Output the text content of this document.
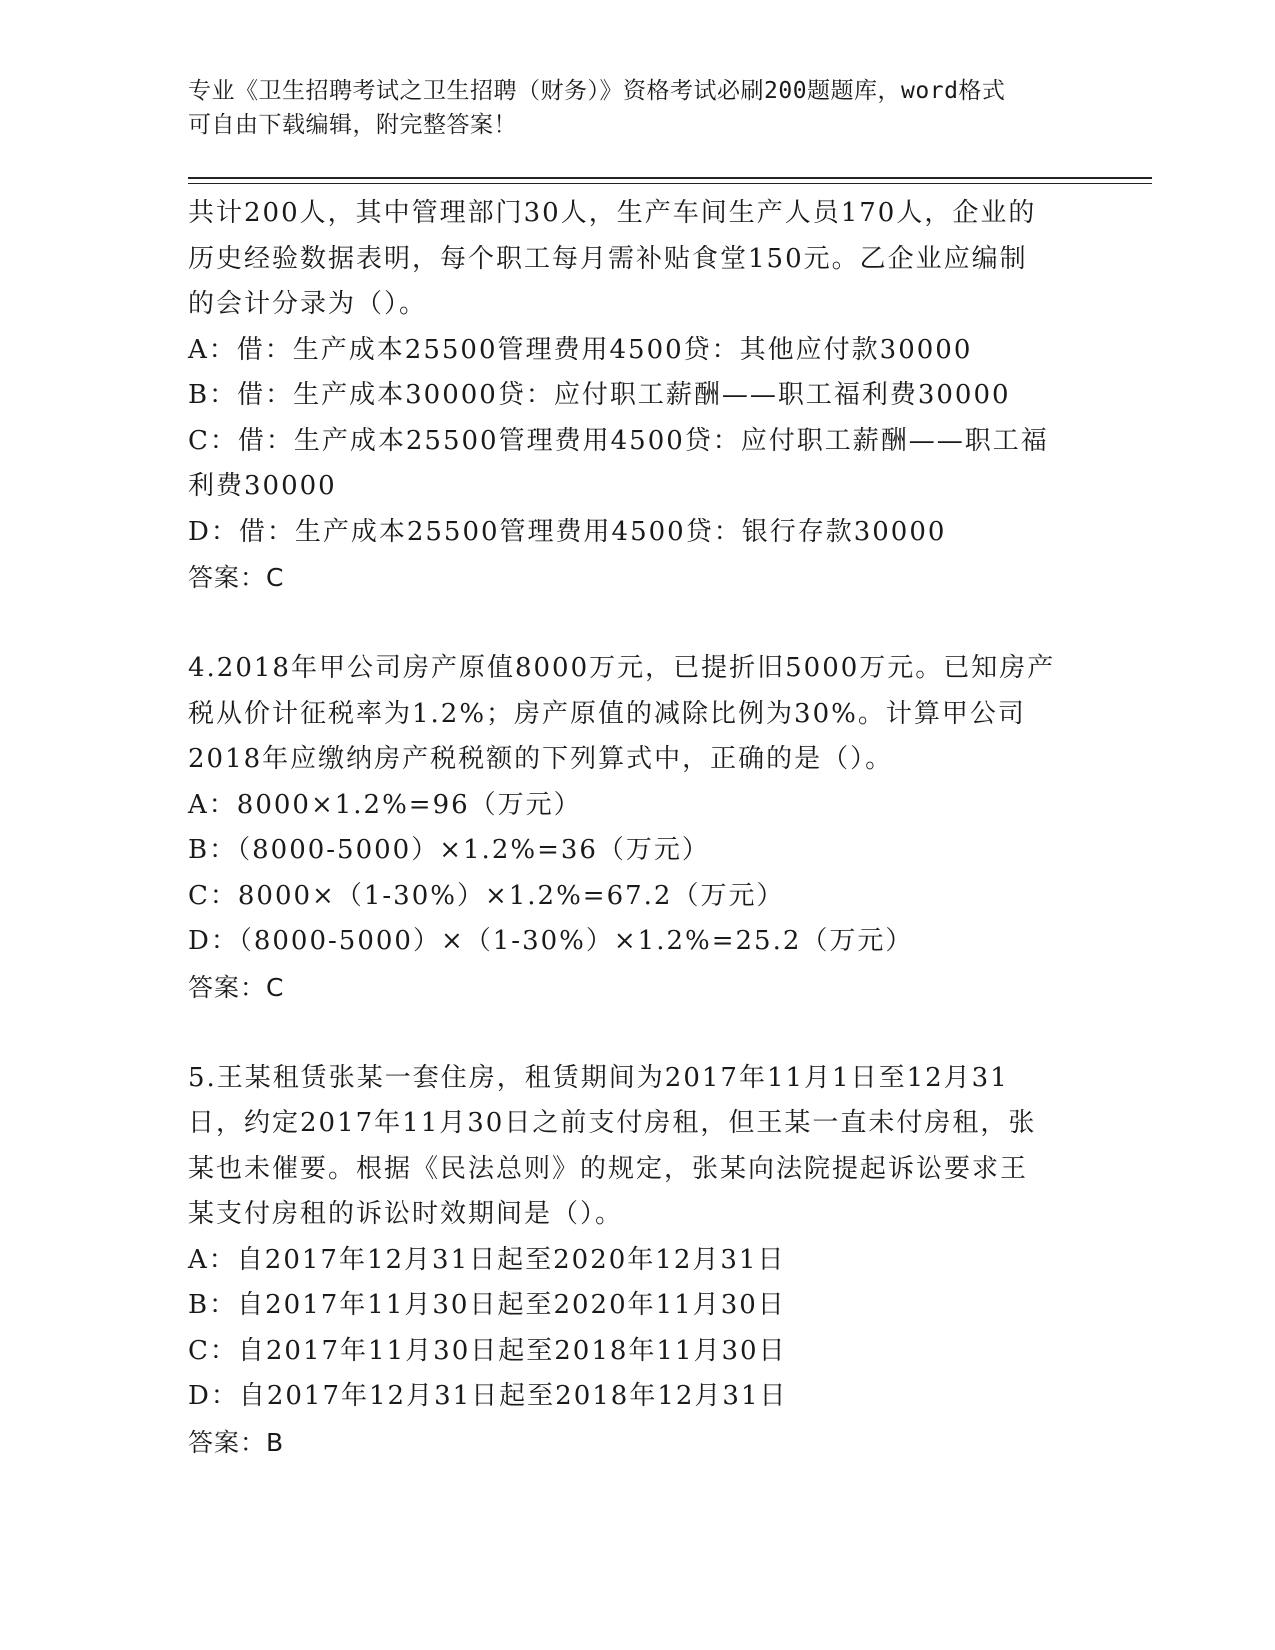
专业《卫生招聘考试之卫生招聘（财务）》资格考试必刷200题题库，word格式
可自由下载编辑，附完整答案！
共计200人，其中管理部门30人，生产车间生产人员170人，企业的
历史经验数据表明，每个职工每月需补贴食堂150元。乙企业应编制
的会计分录为（）。
A：借：生产成本25500管理费用4500贷：其他应付款30000
B：借：生产成本30000贷：应付职工薪酬——职工福利费30000
C：借：生产成本25500管理费用4500贷：应付职工薪酬——职工福
利费30000
D：借：生产成本25500管理费用4500贷：银行存款30000
答案：C
4.2018年甲公司房产原值8000万元，已提折旧5000万元。已知房产
税从价计征税率为1.2%；房产原值的减除比例为30%。计算甲公司
2018年应缴纳房产税税额的下列算式中，正确的是（）。
A：8000×1.2%=96（万元）
B：（8000-5000）×1.2%=36（万元）
C：8000×（1-30%）×1.2%=67.2（万元）
D：（8000-5000）×（1-30%）×1.2%=25.2（万元）
答案：C
5.王某租赁张某一套住房，租赁期间为2017年11月1日至12月31
日，约定2017年11月30日之前支付房租，但王某一直未付房租，张
某也未催要。根据《民法总则》的规定，张某向法院提起诉讼要求王
某支付房租的诉讼时效期间是（）。
A：自2017年12月31日起至2020年12月31日
B：自2017年11月30日起至2020年11月30日
C：自2017年11月30日起至2018年11月30日
D：自2017年12月31日起至2018年12月31日
答案：B
